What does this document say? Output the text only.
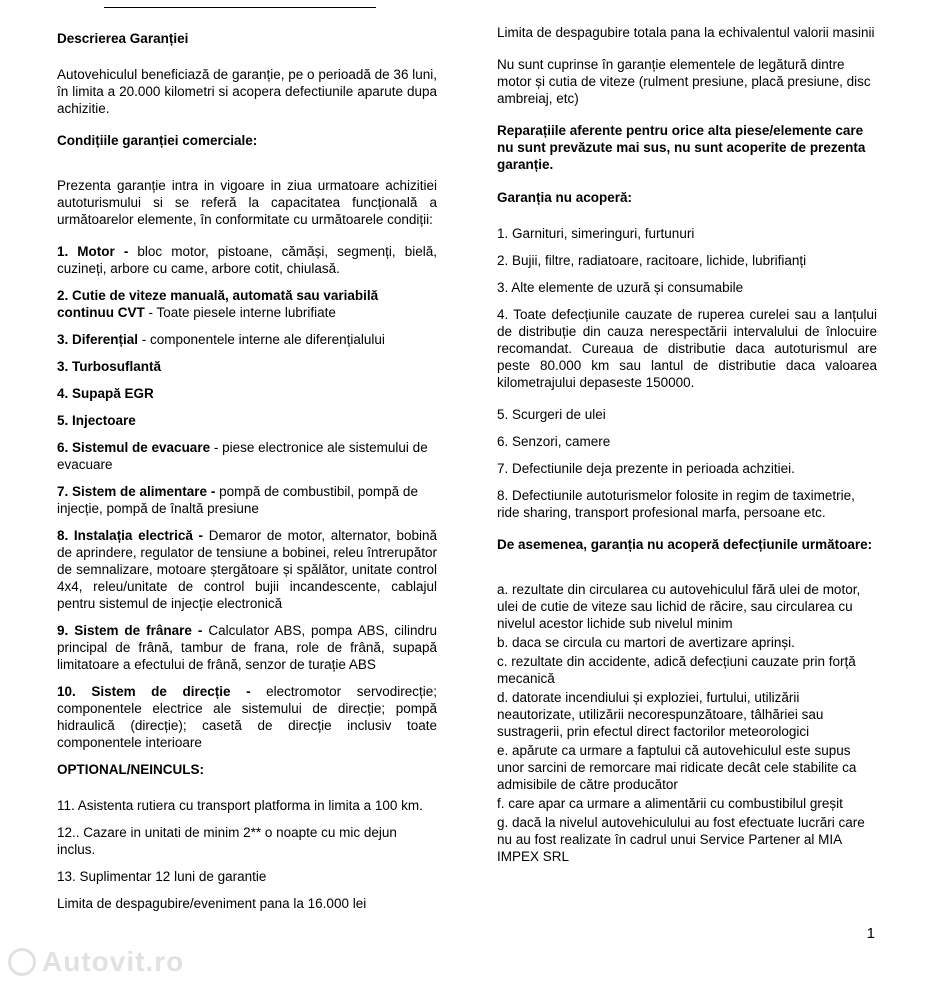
Descrierea Garanției

Autovehiculul beneficiază de garanție, pe o perioadă de 36 luni, în limita a 20.000 kilometri si acopera defectiunile aparute dupa achizitie.

Condițiile garanției comerciale:

Prezenta garanție intra in vigoare in ziua urmatoare achizitiei autoturismului si se referă la capacitatea funcțională a următoarelor elemente, în conformitate cu următoarele condiții:

1. Motor - bloc motor, pistoane, cămăși, segmenți, bielă, cuzineți, arbore cu came, arbore cotit, chiulasă.

2. Cutie de viteze manuală, automată sau variabilă continuu CVT - Toate piesele interne lubrifiate

3. Diferențial - componentele interne ale diferențialului

3. Turbosuflantă

4. Supapă EGR

5. Injectoare

6. Sistemul de evacuare - piese electronice ale sistemului de evacuare

7. Sistem de alimentare - pompă de combustibil, pompă de injecție, pompă de înaltă presiune

8. Instalația electrică - Demaror de motor, alternator, bobină de aprindere, regulator de tensiune a bobinei, releu întrerupător de semnalizare, motoare ștergătoare și spălător, unitate control 4x4, releu/unitate de control bujii incandescente, cablajul pentru sistemul de injecție electronică

9. Sistem de frânare - Calculator ABS, pompa ABS, cilindru principal de frână, tambur de frana, role de frână, supapă limitatoare a efectului de frână, senzor de turație ABS

10. Sistem de direcție - electromotor servodirecție; componentele electrice ale sistemului de direcție; pompă hidraulică (direcție); casetă de direcție inclusiv toate componentele interioare

OPTIONAL/NEINCULS:

11. Asistenta rutiera cu transport platforma in limita a 100 km.

12.. Cazare in unitati de minim 2** o noapte cu mic dejun inclus.

13. Suplimentar 12 luni de garantie

Limita de despagubire/eveniment pana la 16.000 lei

Limita de despagubire totala pana la echivalentul valorii masinii

Nu sunt cuprinse în garanție elementele de legătură dintre motor și cutia de viteze (rulment presiune, placă presiune, disc ambreiaj, etc)

Reparațiile aferente pentru orice alta piese/elemente care nu sunt prevăzute mai sus, nu sunt acoperite de prezenta garanție.

Garanția nu acoperă:

1. Garnituri, simeringuri, furtunuri

2. Bujii, filtre, radiatoare, racitoare, lichide, lubrifianți

3. Alte elemente de uzură și consumabile

4. Toate defecțiunile cauzate de ruperea curelei sau a lanțului de distribuție din cauza nerespectării intervalului de înlocuire recomandat. Cureaua de distributie daca autoturismul are peste 80.000 km sau lantul de distributie daca valoarea kilometrajului depaseste 150000.

5. Scurgeri de ulei

6. Senzori, camere

7. Defectiunile deja prezente in perioada achzitiei.

8. Defectiunile autoturismelor folosite in regim de taximetrie, ride sharing, transport profesional marfa, persoane etc.

De asemenea, garanția nu acoperă defecțiunile următoare:

a. rezultate din circularea cu autovehiculul fără ulei de motor, ulei de cutie de viteze sau lichid de răcire, sau circularea cu nivelul acestor lichide sub nivelul minim

b. daca se circula cu martori de avertizare aprinși.

c. rezultate din accidente, adică defecțiuni cauzate prin forță mecanică

d. datorate incendiului și exploziei, furtului, utilizării neautorizate, utilizării necorespunzătoare, tâlhăriei sau sustragerii, prin efectul direct factorilor meteorologici

e. apărute ca urmare a faptului că autovehiculul este supus unor sarcini de remorcare mai ridicate decât cele stabilite ca admisibile de către producător

f. care apar ca urmare a alimentării cu combustibilul greșit

g. dacă la nivelul autovehiculului au fost efectuate lucrări care nu au fost realizate în cadrul unui Service Partener al MIA IMPEX SRL

Autovit.ro
1
